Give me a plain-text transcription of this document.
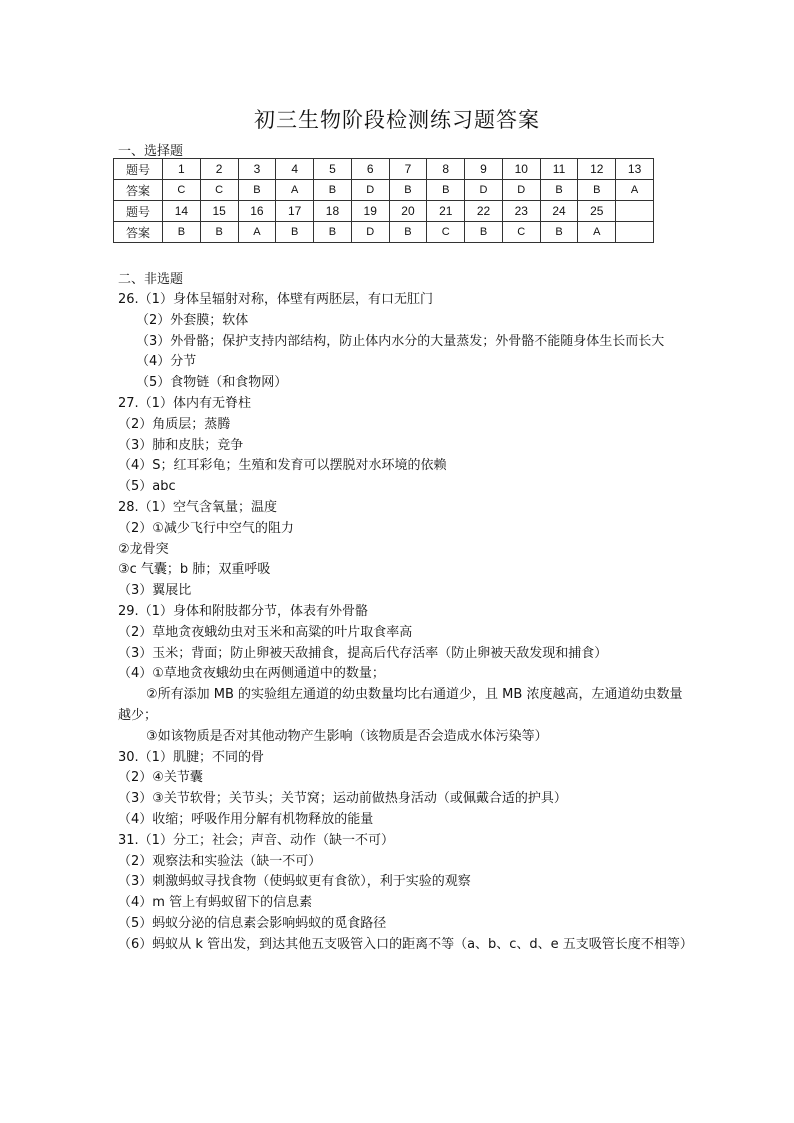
初三生物阶段检测练习题答案
一、选择题
题号	1	2	3	4	5	6	7	8	9	10	11	12	13
答案	C	C	B	A	B	D	B	B	D	D	B	B	A
题号	14	15	16	17	18	19	20	21	22	23	24	25	
答案	B	B	A	B	B	D	B	C	B	C	B	A	
二、非选题
26.（1）身体呈辐射对称，体壁有两胚层，有口无肛门
（2）外套膜；软体
（3）外骨骼；保护支持内部结构，防止体内水分的大量蒸发；外骨骼不能随身体生长而长大
（4）分节
（5）食物链（和食物网）
27.（1）体内有无脊柱
（2）角质层；蒸腾
（3）肺和皮肤；竞争
（4）S；红耳彩龟；生殖和发育可以摆脱对水环境的依赖
（5）abc
28.（1）空气含氧量；温度
（2）①减少飞行中空气的阻力
②龙骨突
③c 气囊；b 肺；双重呼吸
（3）翼展比
29.（1）身体和附肢都分节，体表有外骨骼
（2）草地贪夜蛾幼虫对玉米和高粱的叶片取食率高
（3）玉米；背面；防止卵被天敌捕食，提高后代存活率（防止卵被天敌发现和捕食）
（4）①草地贪夜蛾幼虫在两侧通道中的数量；
②所有添加 MB 的实验组左通道的幼虫数量均比右通道少，且 MB 浓度越高，左通道幼虫数量越少；
③如该物质是否对其他动物产生影响（该物质是否会造成水体污染等）
30.（1）肌腱；不同的骨
（2）④关节囊
（3）③关节软骨；关节头；关节窝；运动前做热身活动（或佩戴合适的护具）
（4）收缩；呼吸作用分解有机物释放的能量
31.（1）分工；社会；声音、动作（缺一不可）
（2）观察法和实验法（缺一不可）
（3）刺激蚂蚁寻找食物（使蚂蚁更有食欲），利于实验的观察
（4）m 管上有蚂蚁留下的信息素
（5）蚂蚁分泌的信息素会影响蚂蚁的觅食路径
（6）蚂蚁从 k 管出发，到达其他五支吸管入口的距离不等（a、b、c、d、e 五支吸管长度不相等）
